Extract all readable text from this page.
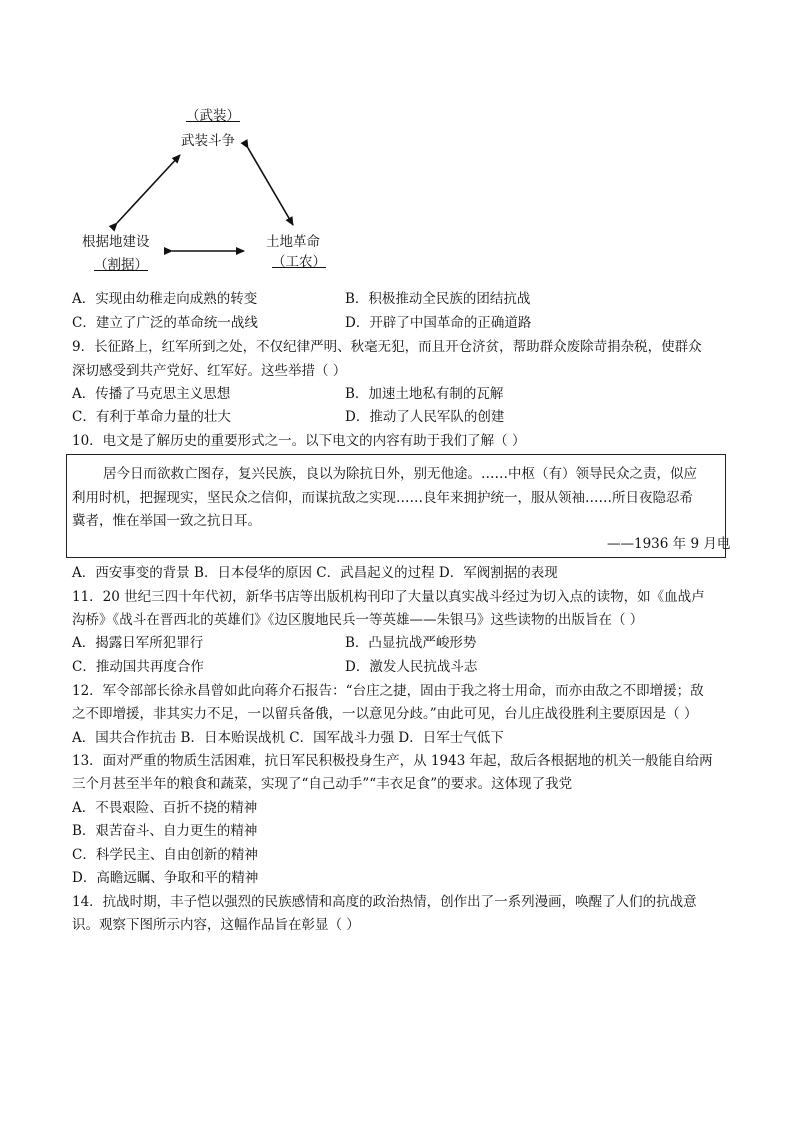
（武装）
武装斗争
根据地建设
（割据）
土地革命
（工农）
A．实现由幼稚走向成熟的转变	B．积极推动全民族的团结抗战
C．建立了广泛的革命统一战线	D．开辟了中国革命的正确道路
9．长征路上，红军所到之处，不仅纪律严明、秋毫无犯，而且开仓济贫，帮助群众废除苛捐杂税，使群众
深切感受到共产党好、红军好。这些举措（ ）
A．传播了马克思主义思想	B．加速土地私有制的瓦解
C．有利于革命力量的壮大	D．推动了人民军队的创建
10．电文是了解历史的重要形式之一。以下电文的内容有助于我们了解（ ）
居今日而欲救亡图存，复兴民族，良以为除抗日外，别无他途。……中枢（有）领导民众之责，似应
利用时机，把握现实，坚民众之信仰，而谋抗敌之实现……良年来拥护统一，服从领袖……所日夜隐忍希
冀者，惟在举国一致之抗日耳。
——1936 年 9 月电
A．西安事变的背景 B．日本侵华的原因 C．武昌起义的过程 D．军阀割据的表现
11．20 世纪三四十年代初，新华书店等出版机构刊印了大量以真实战斗经过为切入点的读物，如《血战卢
沟桥》《战斗在晋西北的英雄们》《边区腹地民兵一等英雄——朱银马》这些读物的出版旨在（ ）
A．揭露日军所犯罪行	B．凸显抗战严峻形势
C．推动国共再度合作	D．激发人民抗战斗志
12．军令部部长徐永昌曾如此向蒋介石报告：“台庄之捷，固由于我之将士用命，而亦由敌之不即增援；敌
之不即增援，非其实力不足，一以留兵备俄，一以意见分歧。”由此可见，台儿庄战役胜利主要原因是（ ）
A．国共合作抗击 B．日本贻误战机 C．国军战斗力强 D．日军士气低下
13．面对严重的物质生活困难，抗日军民积极投身生产，从 1943 年起，敌后各根据地的机关一般能自给两
三个月甚至半年的粮食和蔬菜，实现了“自己动手”“丰衣足食”的要求。这体现了我党
A．不畏艰险、百折不挠的精神
B．艰苦奋斗、自力更生的精神
C．科学民主、自由创新的精神
D．高瞻远瞩、争取和平的精神
14．抗战时期，丰子恺以强烈的民族感情和高度的政治热情，创作出了一系列漫画，唤醒了人们的抗战意
识。观察下图所示内容，这幅作品旨在彰显（ ）
